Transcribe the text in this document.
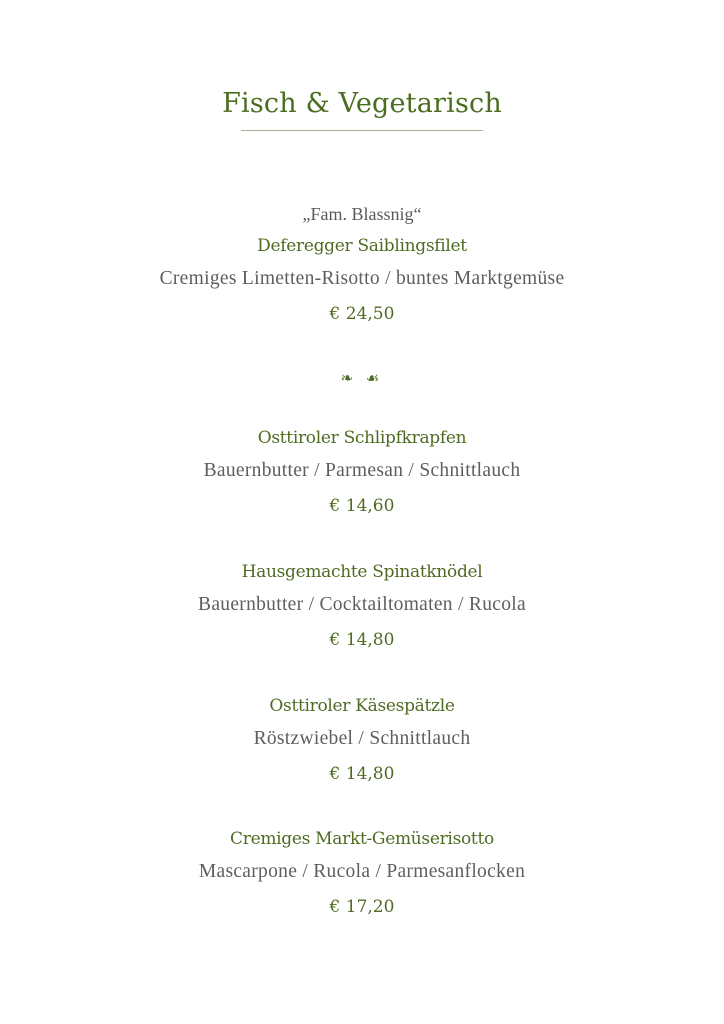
Fisch & Vegetarisch
„Fam. Blassnig“
Deferegger Saiblingsfilet
Cremiges Limetten-Risotto / buntes Marktgemüse
€ 24,50
❧ ☙
Osttiroler Schlipfkrapfen
Bauernbutter / Parmesan / Schnittlauch
€ 14,60
Hausgemachte Spinatknödel
Bauernbutter / Cocktailtomaten / Rucola
€ 14,80
Osttiroler Käsespätzle
Röstzwiebel / Schnittlauch
€ 14,80
Cremiges Markt-Gemüserisotto
Mascarpone / Rucola / Parmesanflocken
€ 17,20
